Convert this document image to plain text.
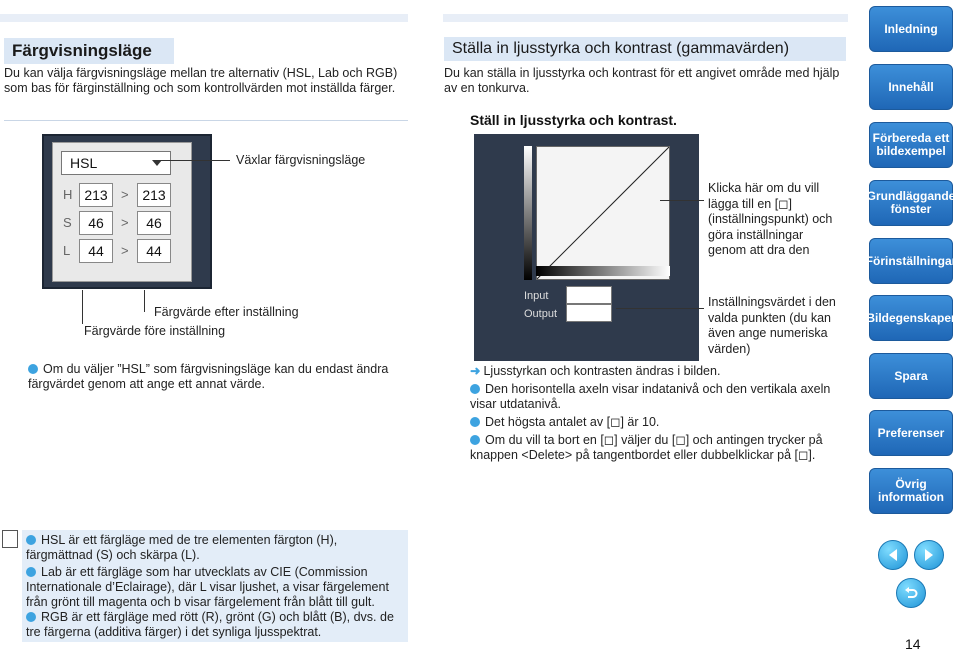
Färgvisningsläge
Du kan välja färgvisningsläge mellan tre alternativ (HSL, Lab och RGB) som bas för färginställning och som kontrollvärden mot inställda färger.
HSL
H 213	> 213
S	46	>	46
L	44	>	44
Växlar färgvisningsläge
Färgvärde efter inställning
Färgvärde före inställning
Om du väljer ”HSL” som färgvisningsläge kan du endast ändra färgvärdet genom att ange ett annat värde.
Ställa in ljusstyrka och kontrast (gammavärden)
Du kan ställa in ljusstyrka och kontrast för ett angivet område med hjälp av en tonkurva.
Ställ in ljusstyrka och kontrast.
Input
Output
Klicka här om du vill lägga till en [◻] (inställningspunkt) och göra inställningar genom att dra den
Inställningsvärdet i den valda punkten (du kan även ange numeriska värden)
➜ Ljusstyrkan och kontrasten ändras i bilden.
Den horisontella axeln visar indatanivå och den vertikala axeln visar utdatanivå.
Det högsta antalet av [◻] är 10.
Om du vill ta bort en [◻] väljer du [◻] och antingen trycker på knappen <Delete> på tangentbordet eller dubbelklickar på [◻].
HSL är ett färgläge med de tre elementen färgton (H), färgmättnad (S) och skärpa (L).
Lab är ett färgläge som har utvecklats av CIE (Commission Internationale d’Eclairage), där L visar ljushet, a visar färgelement från grönt till magenta och b visar färgelement från blått till gult.
RGB är ett färgläge med rött (R), grönt (G) och blått (B), dvs. de tre färgerna (additiva färger) i det synliga ljusspektrat.
Inledning
Innehåll
Förbereda ett bildexempel
Grundläggande fönster
Förinställningar
Bildegenskaper
Spara
Preferenser
Övrig information
14
